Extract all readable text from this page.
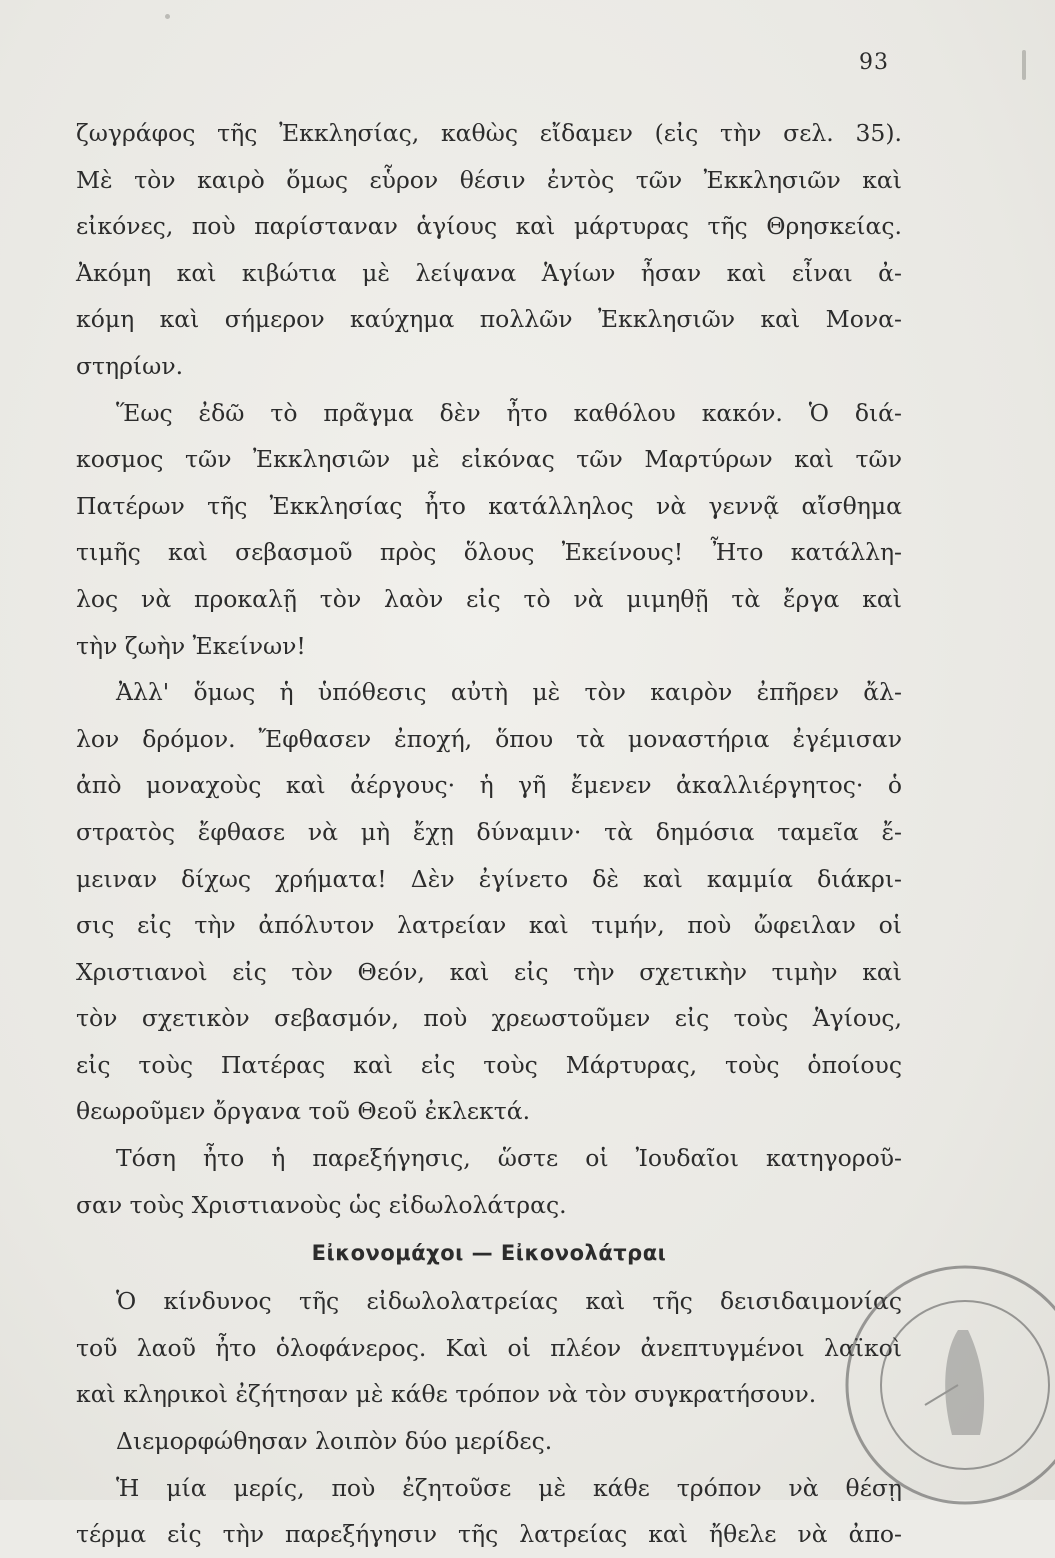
93
ζωγράφος τῆς Ἐκκλησίας, καθὼς εἴδαμεν (εἰς τὴν σελ. 35).
Μὲ τὸν καιρὸ ὅμως εὗρον θέσιν ἐντὸς τῶν Ἐκκλησιῶν καὶ
εἰκόνες, ποὺ παρίσταναν ἁγίους καὶ μάρτυρας τῆς Θρησκείας.
Ἀκόμη καὶ κιβώτια μὲ λείψανα Ἁγίων ἦσαν καὶ εἶναι ἀ-
κόμη καὶ σήμερον καύχημα πολλῶν Ἐκκλησιῶν καὶ Μονα-
στηρίων.
Ἕως ἐδῶ τὸ πρᾶγμα δὲν ἦτο καθόλου κακόν. Ὁ διά-
κοσμος τῶν Ἐκκλησιῶν μὲ εἰκόνας τῶν Μαρτύρων καὶ τῶν
Πατέρων τῆς Ἐκκλησίας ἦτο κατάλληλος νὰ γεννᾷ αἴσθημα
τιμῆς καὶ σεβασμοῦ πρὸς ὅλους Ἐκείνους! Ἦτο κατάλλη-
λος νὰ προκαλῇ τὸν λαὸν εἰς τὸ νὰ μιμηθῇ τὰ ἔργα καὶ
τὴν ζωὴν Ἐκείνων!
Ἀλλ' ὅμως ἡ ὑπόθεσις αὐτὴ μὲ τὸν καιρὸν ἐπῆρεν ἄλ-
λον δρόμον. Ἔφθασεν ἐποχή, ὅπου τὰ μοναστήρια ἐγέμισαν
ἀπὸ μοναχοὺς καὶ ἀέργους· ἡ γῆ ἔμενεν ἀκαλλιέργητος· ὁ
στρατὸς ἔφθασε νὰ μὴ ἔχῃ δύναμιν· τὰ δημόσια ταμεῖα ἔ-
μειναν δίχως χρήματα! Δὲν ἐγίνετο δὲ καὶ καμμία διάκρι-
σις εἰς τὴν ἀπόλυτον λατρείαν καὶ τιμήν, ποὺ ὤφειλαν οἱ
Χριστιανοὶ εἰς τὸν Θεόν, καὶ εἰς τὴν σχετικὴν τιμὴν καὶ
τὸν σχετικὸν σεβασμόν, ποὺ χρεωστοῦμεν εἰς τοὺς Ἁγίους,
εἰς τοὺς Πατέρας καὶ εἰς τοὺς Μάρτυρας, τοὺς ὁποίους
θεωροῦμεν ὄργανα τοῦ Θεοῦ ἐκλεκτά.
Τόση ἦτο ἡ παρεξήγησις, ὥστε οἱ Ἰουδαῖοι κατηγοροῦ-
σαν τοὺς Χριστιανοὺς ὡς εἰδωλολάτρας.
Εἰκονομάχοι — Εἰκονολάτραι
Ὁ κίνδυνος τῆς εἰδωλολατρείας καὶ τῆς δεισιδαιμονίας
τοῦ λαοῦ ἦτο ὁλοφάνερος. Καὶ οἱ πλέον ἀνεπτυγμένοι λαϊκοὶ
καὶ κληρικοὶ ἐζήτησαν μὲ κάθε τρόπον νὰ τὸν συγκρατήσουν.
Διεμορφώθησαν λοιπὸν δύο μερίδες.
Ἡ μία μερίς, ποὺ ἐζητοῦσε μὲ κάθε τρόπον νὰ θέσῃ
τέρμα εἰς τὴν παρεξήγησιν τῆς λατρείας καὶ ἤθελε νὰ ἀπο-
